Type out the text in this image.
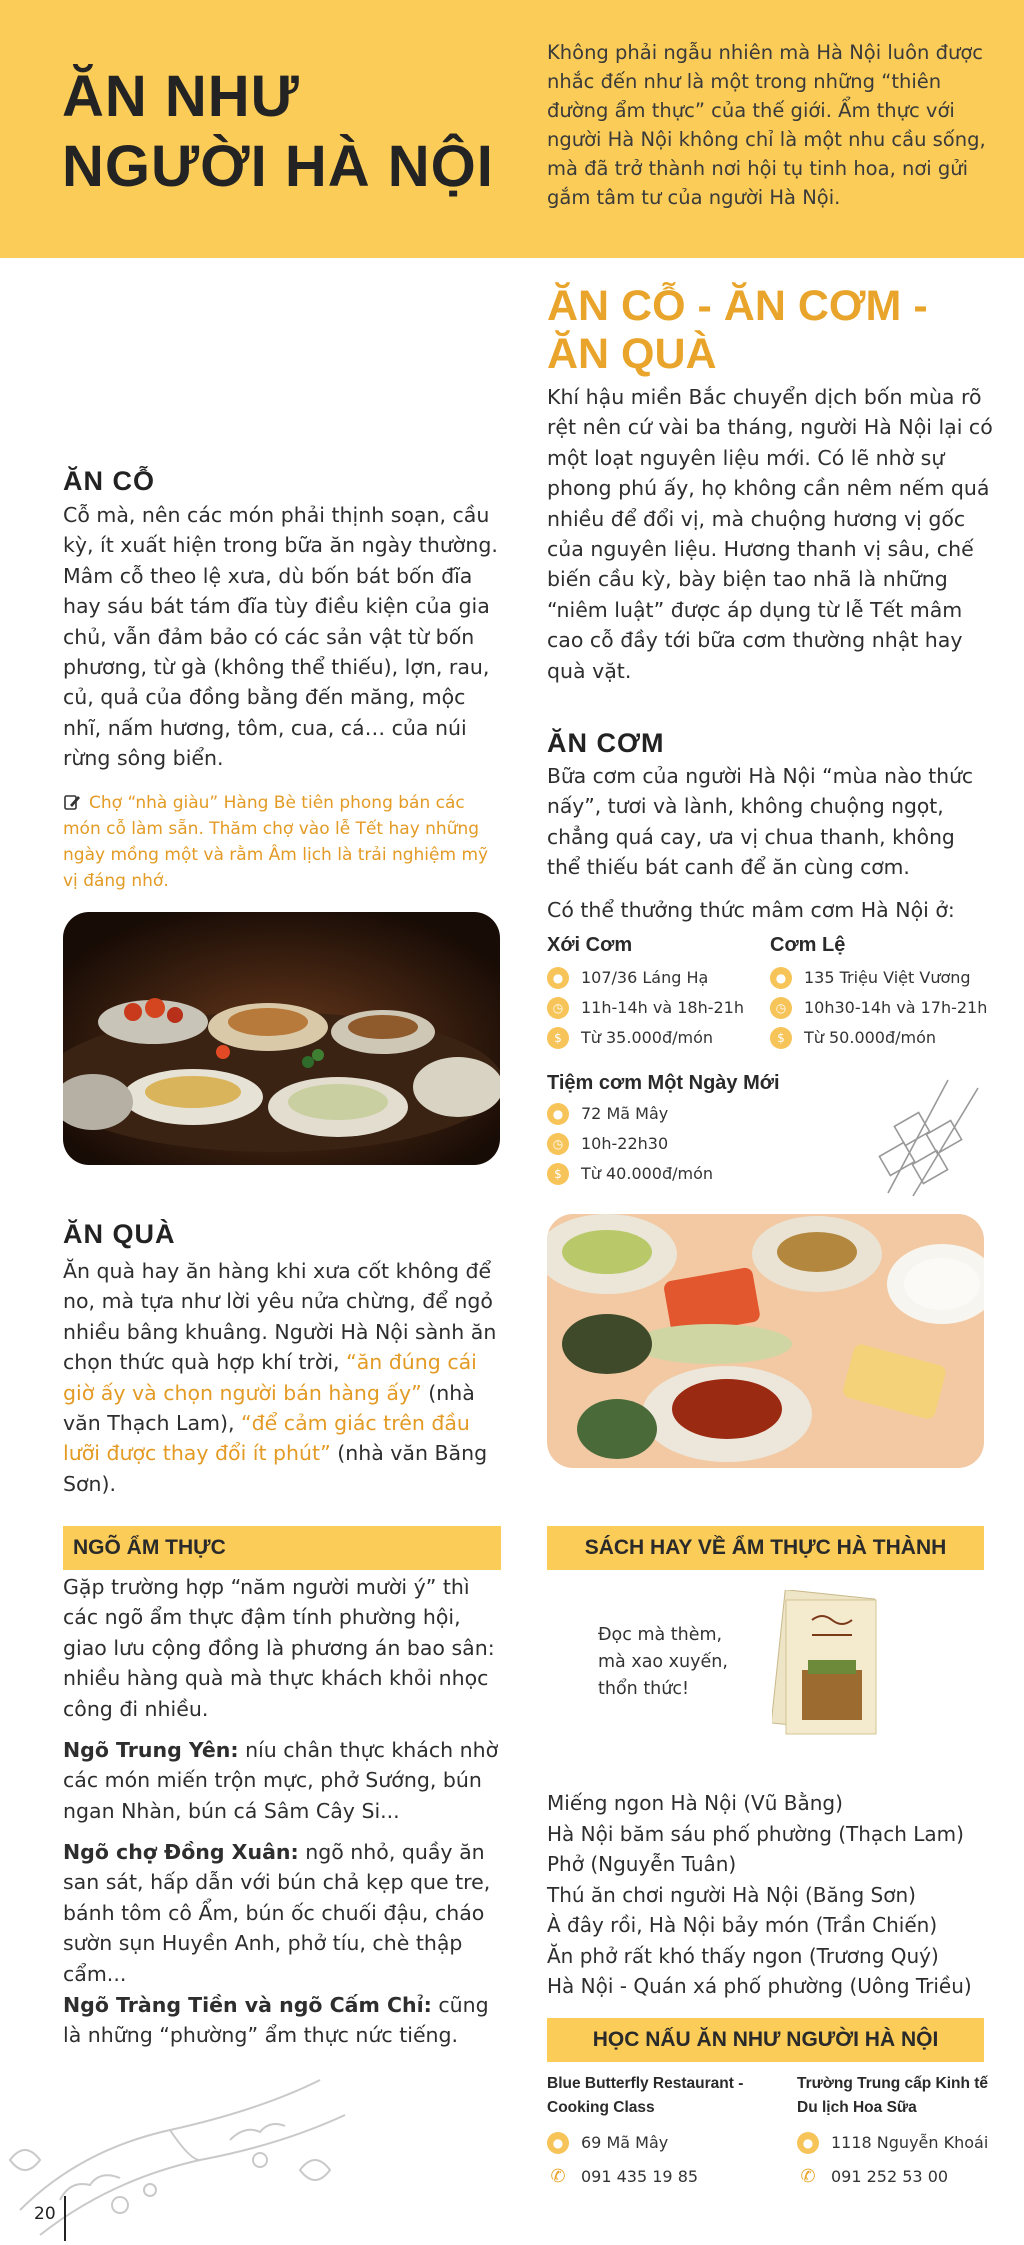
ĂN NHƯ
NGƯỜI HÀ NỘI

Không phải ngẫu nhiên mà Hà Nội luôn được nhắc đến như là một trong những “thiên đường ẩm thực” của thế giới. Ẩm thực với người Hà Nội không chỉ là một nhu cầu sống, mà đã trở thành nơi hội tụ tinh hoa, nơi gửi gắm tâm tư của người Hà Nội.

ĂN CỖ - ĂN CƠM -
ĂN QUÀ

Khí hậu miền Bắc chuyển dịch bốn mùa rõ rệt nên cứ vài ba tháng, người Hà Nội lại có một loạt nguyên liệu mới. Có lẽ nhờ sự phong phú ấy, họ không cần nêm nếm quá nhiều để đổi vị, mà chuộng hương vị gốc của nguyên liệu. Hương thanh vị sâu, chế biến cầu kỳ, bày biện tao nhã là những “niêm luật” được áp dụng từ lễ Tết mâm cao cỗ đầy tới bữa cơm thường nhật hay quà vặt.

ĂN CỖ

Cỗ mà, nên các món phải thịnh soạn, cầu kỳ, ít xuất hiện trong bữa ăn ngày thường. Mâm cỗ theo lệ xưa, dù bốn bát bốn đĩa hay sáu bát tám đĩa tùy điều kiện của gia chủ, vẫn đảm bảo có các sản vật từ bốn phương, từ gà (không thể thiếu), lợn, rau, củ, quả của đồng bằng đến măng, mộc nhĩ, nấm hương, tôm, cua, cá… của núi rừng sông biển.

Chợ “nhà giàu” Hàng Bè tiên phong bán các món cỗ làm sẵn. Thăm chợ vào lễ Tết hay những ngày mồng một và rằm Âm lịch là trải nghiệm mỹ vị đáng nhớ.
ĂN QUÀ

Ăn quà hay ăn hàng khi xưa cốt không để no, mà tựa như lời yêu nửa chừng, để ngỏ nhiều bâng khuâng. Người Hà Nội sành ăn chọn thức quà hợp khí trời, “ăn đúng cái giờ ấy và chọn người bán hàng ấy” (nhà văn Thạch Lam), “để cảm giác trên đầu lưỡi được thay đổi ít phút” (nhà văn Băng Sơn).

ĂN CƠM

Bữa cơm của người Hà Nội “mùa nào thức nấy”, tươi và lành, không chuộng ngọt, chẳng quá cay, ưa vị chua thanh, không thể thiếu bát canh để ăn cùng cơm.

Có thể thưởng thức mâm cơm Hà Nội ở:

Xới Cơm
●	107/36 Láng Hạ
◷	11h-14h và 18h-21h
$	Từ 35.000đ/món
Cơm Lệ
●	135 Triệu Việt Vương
◷	10h30-14h và 17h-21h
$	Từ 50.000đ/món
Tiệm cơm Một Ngày Mới
●	72 Mã Mây
◷	10h-22h30
$	Từ 40.000đ/món
NGÕ ẨM THỰC

Gặp trường hợp “năm người mười ý” thì các ngõ ẩm thực đậm tính phường hội, giao lưu cộng đồng là phương án bao sân: nhiều hàng quà mà thực khách khỏi nhọc công đi nhiều.

Ngõ Trung Yên: níu chân thực khách nhờ các món miến trộn mực, phở Sướng, bún ngan Nhàn, bún cá Sâm Cây Si...

Ngõ chợ Đồng Xuân: ngõ nhỏ, quầy ăn san sát, hấp dẫn với bún chả kẹp que tre, bánh tôm cô Ẩm, bún ốc chuối đậu, cháo sườn sụn Huyền Anh, phở tíu, chè thập cẩm...

Ngõ Tràng Tiền và ngõ Cấm Chỉ: cũng là những “phường” ẩm thực nức tiếng.

SÁCH HAY VỀ ẨM THỰC HÀ THÀNH

Đọc mà thèm, mà xao xuyến, thổn thức!

Miếng ngon Hà Nội (Vũ Bằng)
Hà Nội băm sáu phố phường (Thạch Lam)
Phở (Nguyễn Tuân)
Thú ăn chơi người Hà Nội (Băng Sơn)
À đây rồi, Hà Nội bảy món (Trần Chiến)
Ăn phở rất khó thấy ngon (Trương Quý)
Hà Nội - Quán xá phố phường (Uông Triều)
HỌC NẤU ĂN NHƯ NGƯỜI HÀ NỘI
Blue Butterfly Restaurant - Cooking Class
●	69 Mã Mây
✆ 091 435 19 85
Trường Trung cấp Kinh tế Du lịch Hoa Sữa
●	1118 Nguyễn Khoái
✆ 091 252 53 00
20
